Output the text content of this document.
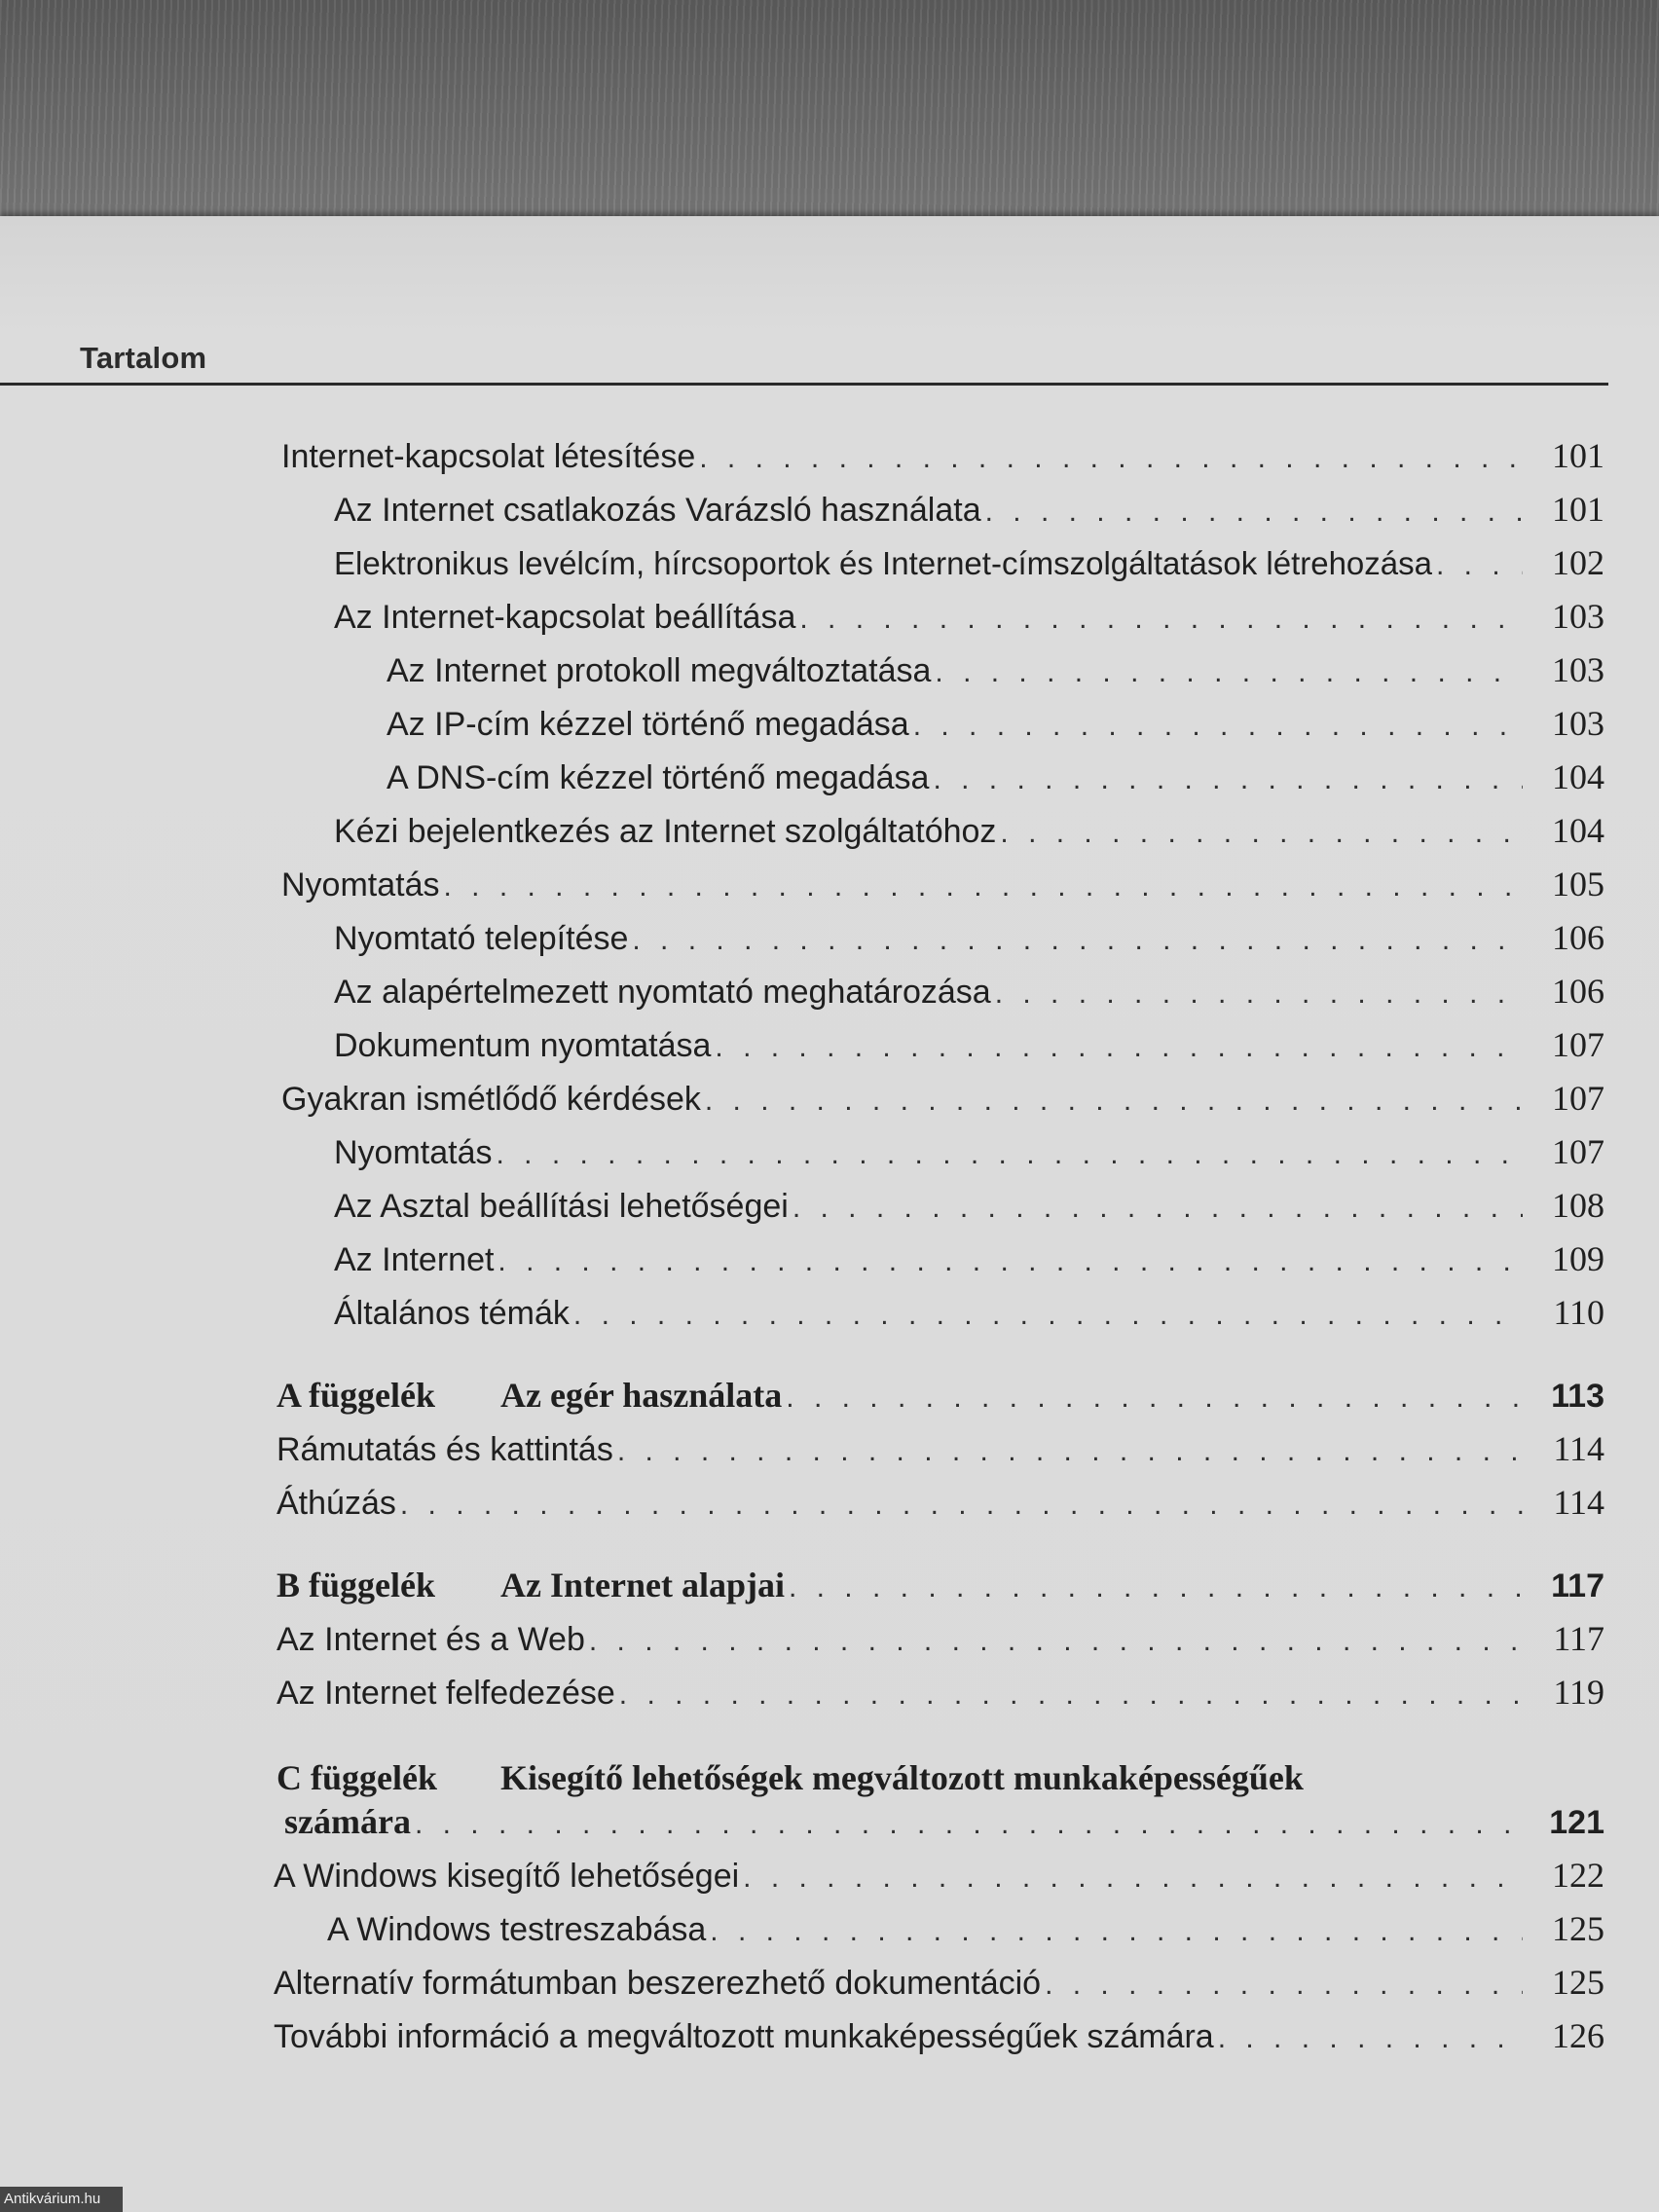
Tartalom
Internet-kapcsolat létesítése . . .	101
Az Internet csatlakozás Varázsló használata . . .	101
Elektronikus levélcím, hírcsoportok és Internet-címszolgáltatások létrehozása . . .	102
Az Internet-kapcsolat beállítása . . .	103
Az Internet protokoll megváltoztatása . . .	103
Az IP-cím kézzel történő megadása . . .	103
A DNS-cím kézzel történő megadása . . .	104
Kézi bejelentkezés az Internet szolgáltatóhoz . . .	104
Nyomtatás . . .	105
Nyomtató telepítése . . .	106
Az alapértelmezett nyomtató meghatározása . . .	106
Dokumentum nyomtatása . . .	107
Gyakran ismétlődő kérdések . . .	107
Nyomtatás . . .	107
Az Asztal beállítási lehetőségei . . .	108
Az Internet . . .	109
Általános témák . . .	110
A függelék Az egér használata . . .	113
Rámutatás és kattintás . . .	114
Áthúzás . . .	114
B függelék Az Internet alapjai . . .	117
Az Internet és a Web . . .	117
Az Internet felfedezése . . .	119
C függelék Kisegítő lehetőségek megváltozott munkaképességűek
számára . . .	121
A Windows kisegítő lehetőségei . . .	122
A Windows testreszabása . . .	125
Alternatív formátumban beszerezhető dokumentáció . . .	125
További információ a megváltozott munkaképességűek számára . . .	126
Antikvárium.hu
